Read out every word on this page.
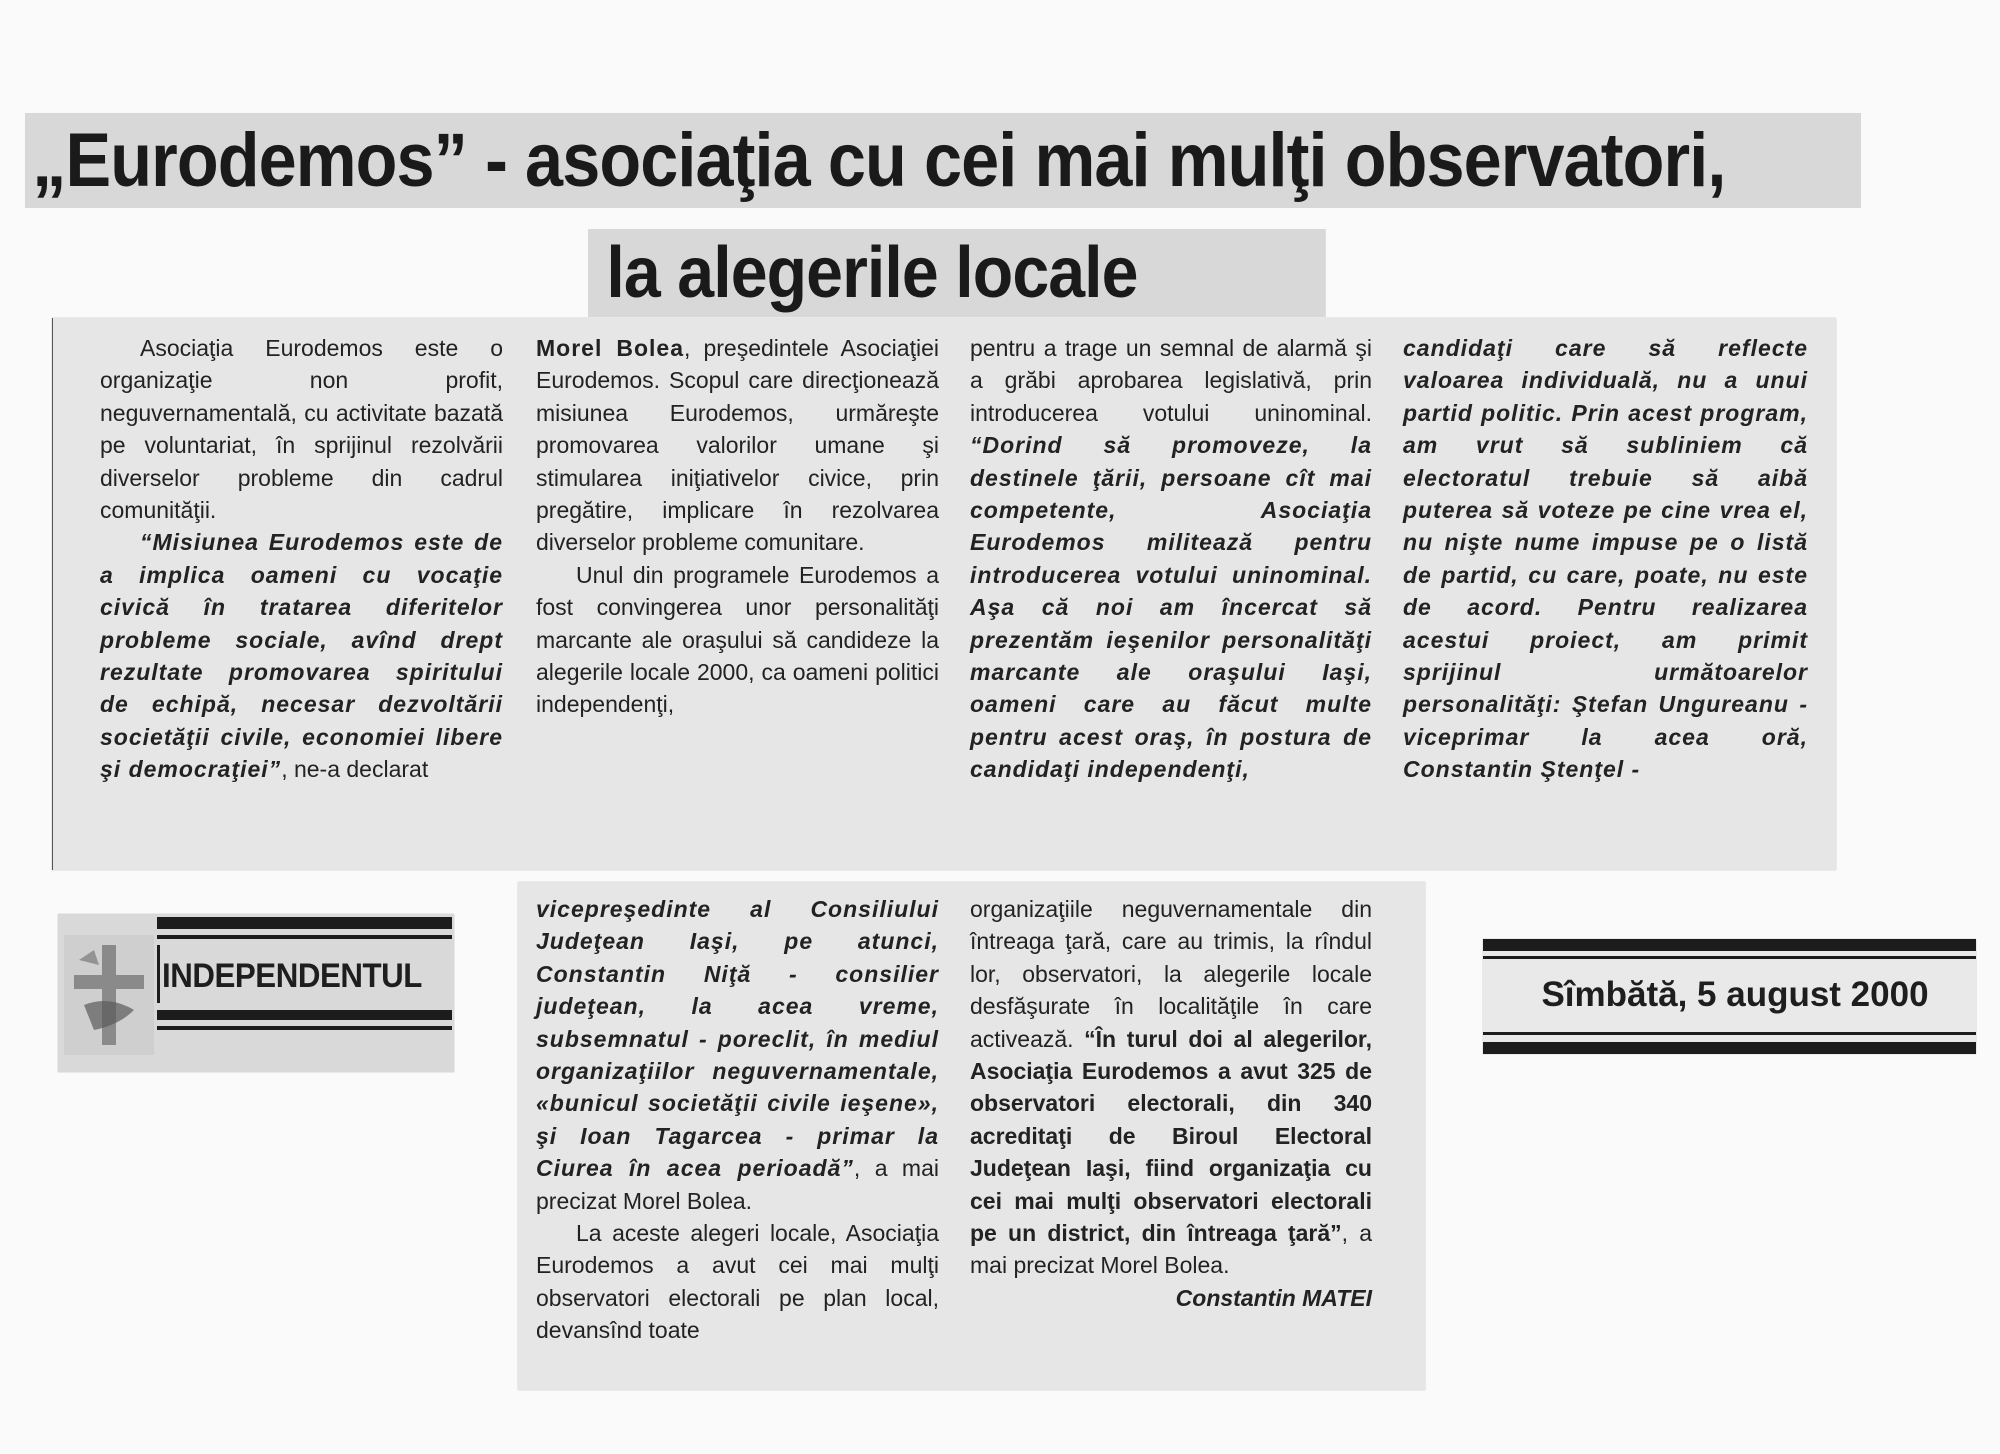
„Eurodemos” - asociaţia cu cei mai mulţi observatori,
la alegerile locale

Asociaţia Eurodemos este o organizaţie non profit, neguvernamentală, cu activitate bazată pe voluntariat, în sprijinul rezolvării diverselor probleme din cadrul comunităţii.

“Misiunea Eurodemos este de a implica oameni cu vocaţie civică în tratarea diferitelor probleme sociale, avînd drept rezultate promovarea spiritului de echipă, necesar dezvoltării societăţii civile, economiei libere şi democraţiei”, ne-a declarat

Morel Bolea, preşedintele Asociaţiei Eurodemos. Scopul care direcţionează misiunea Eurodemos, urmăreşte promovarea valorilor umane şi stimularea iniţiativelor civice, prin pregătire, implicare în rezolvarea diverselor probleme comunitare.

Unul din programele Eurodemos a fost convingerea unor personalităţi marcante ale oraşului să candideze la alegerile locale 2000, ca oameni politici independenţi,

pentru a trage un semnal de alarmă şi a grăbi aprobarea legislativă, prin introducerea votului uninominal. “Dorind să promoveze, la destinele ţării, persoane cît mai competente, Asociaţia Eurodemos militează pentru introducerea votului uninominal. Aşa că noi am încercat să prezentăm ieşenilor personalităţi marcante ale oraşului Iaşi, oameni care au făcut multe pentru acest oraş, în postura de candidaţi independenţi,

candidaţi care să reflecte valoarea individuală, nu a unui partid politic. Prin acest program, am vrut să subliniem că electoratul trebuie să aibă puterea să voteze pe cine vrea el, nu nişte nume impuse pe o listă de partid, cu care, poate, nu este de acord. Pentru realizarea acestui proiect, am primit sprijinul următoarelor personalităţi: Ştefan Ungureanu - viceprimar la acea oră, Constantin Ştenţel -

vicepreşedinte al Consiliului Judeţean Iaşi, pe atunci, Constantin Niţă - consilier judeţean, la acea vreme, subsemnatul - poreclit, în mediul organizaţiilor neguvernamentale, «bunicul societăţii civile ieşene», şi Ioan Tagarcea - primar la Ciurea în acea perioadă”, a mai precizat Morel Bolea.

La aceste alegeri locale, Asociaţia Eurodemos a avut cei mai mulţi observatori electorali pe plan local, devansînd toate

organizaţiile neguvernamentale din întreaga ţară, care au trimis, la rîndul lor, observatori, la alegerile locale desfăşurate în localităţile în care activează. “În turul doi al alegerilor, Asociaţia Eurodemos a avut 325 de observatori electorali, din 340 acreditaţi de Biroul Electoral Judeţean Iaşi, fiind organizaţia cu cei mai mulţi observatori electorali pe un district, din întreaga ţară”, a mai precizat Morel Bolea.

Constantin MATEI

INDEPENDENTUL	Sîmbătă, 5 august 2000
